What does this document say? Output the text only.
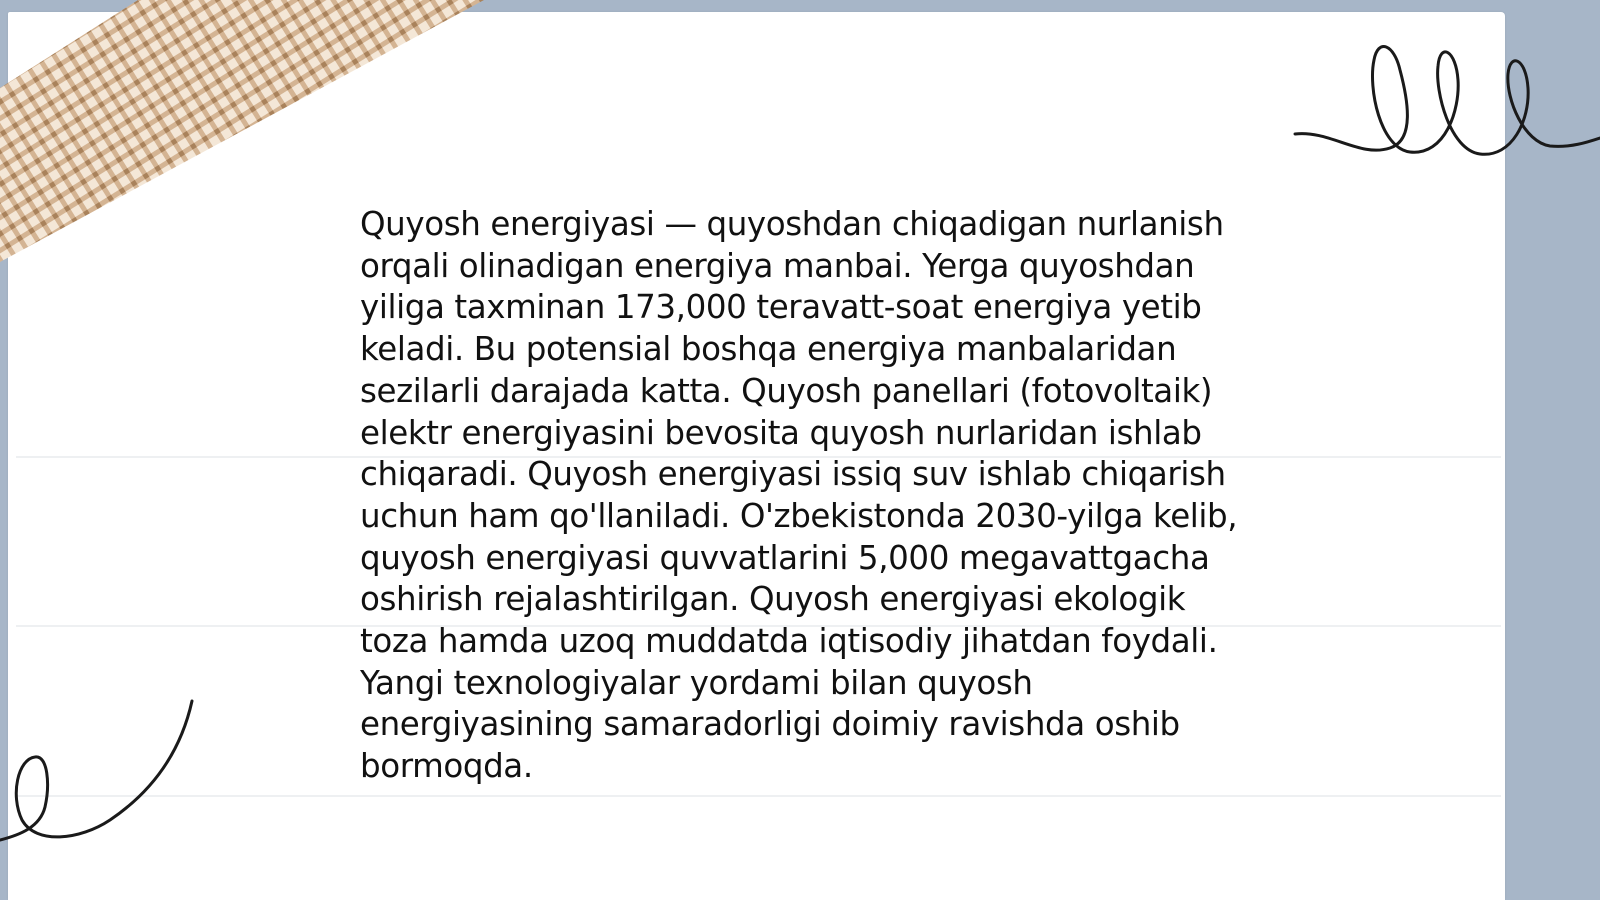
Quyosh energiyasi — quyoshdan chiqadigan nurlanish orqali olinadigan energiya manbai. Yerga quyoshdan yiliga taxminan 173,000 teravatt-soat energiya yetib keladi. Bu potensial boshqa energiya manbalaridan sezilarli darajada katta. Quyosh panellari (fotovoltaik) elektr energiyasini bevosita quyosh nurlaridan ishlab chiqaradi. Quyosh energiyasi issiq suv ishlab chiqarish uchun ham qo'llaniladi. O'zbekistonda 2030-yilga kelib, quyosh energiyasi quvvatlarini 5,000 megavattgacha oshirish rejalashtirilgan. Quyosh energiyasi ekologik toza hamda uzoq muddatda iqtisodiy jihatdan foydali. Yangi texnologiyalar yordami bilan quyosh energiyasining samaradorligi doimiy ravishda oshib bormoqda.
